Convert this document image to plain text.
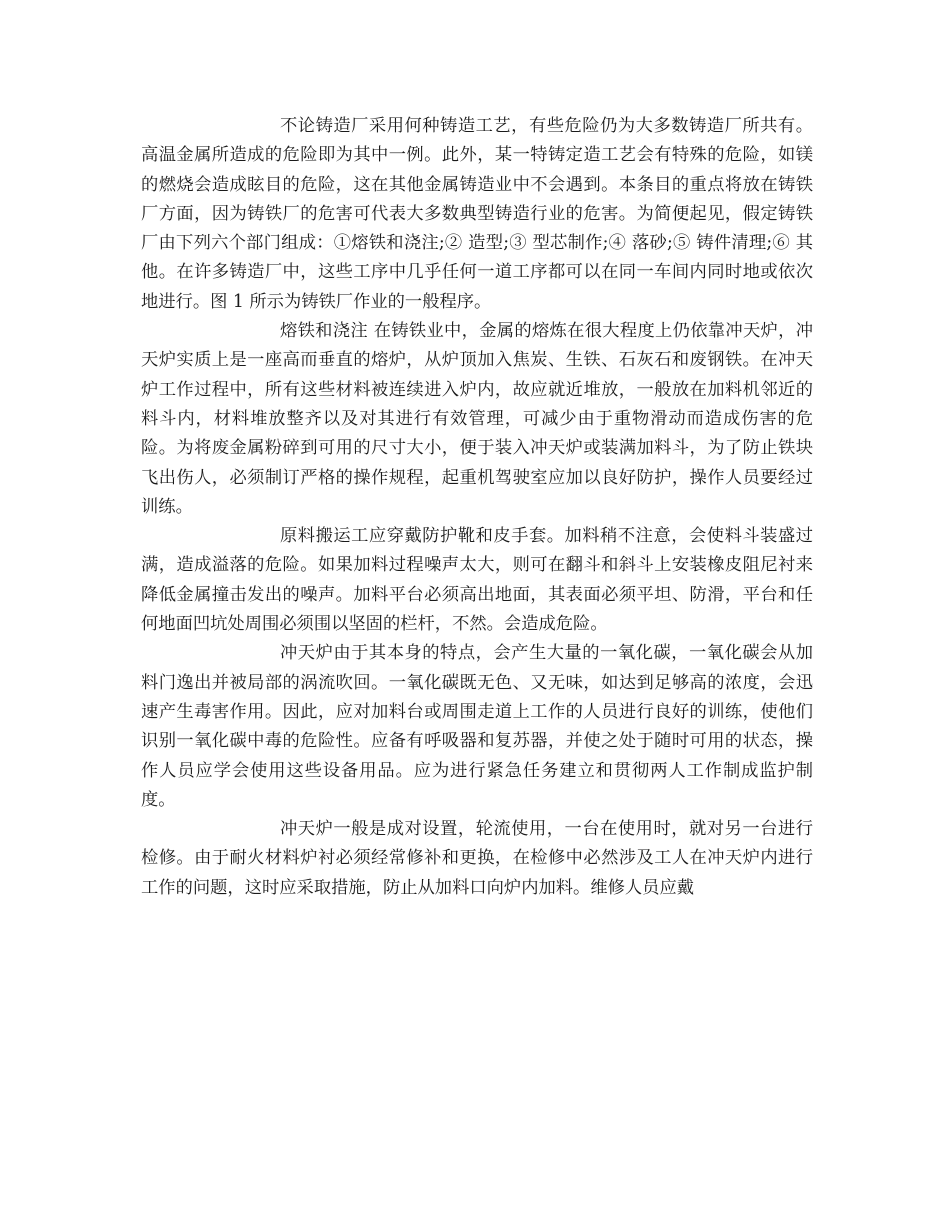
不论铸造厂采用何种铸造工艺，有些危险仍为大多数铸造厂所共有。高温金属所造成的危险即为其中一例。此外，某一特铸定造工艺会有特殊的危险，如镁的燃烧会造成眩目的危险，这在其他金属铸造业中不会遇到。本条目的重点将放在铸铁厂方面，因为铸铁厂的危害可代表大多数典型铸造行业的危害。为简便起见，假定铸铁厂由下列六个部门组成：①熔铁和浇注;② 造型;③ 型芯制作;④ 落砂;⑤ 铸件清理;⑥ 其他。在许多铸造厂中，这些工序中几乎任何一道工序都可以在同一车间内同时地或依次地进行。图 1 所示为铸铁厂作业的一般程序。

熔铁和浇注 在铸铁业中，金属的熔炼在很大程度上仍依靠冲天炉，冲天炉实质上是一座高而垂直的熔炉，从炉顶加入焦炭、生铁、石灰石和废钢铁。在冲天炉工作过程中，所有这些材料被连续进入炉内，故应就近堆放，一般放在加料机邻近的料斗内，材料堆放整齐以及对其进行有效管理，可减少由于重物滑动而造成伤害的危险。为将废金属粉碎到可用的尺寸大小，便于装入冲天炉或装满加料斗，为了防止铁块飞出伤人，必须制订严格的操作规程，起重机驾驶室应加以良好防护，操作人员要经过训练。

原料搬运工应穿戴防护靴和皮手套。加料稍不注意，会使料斗装盛过满，造成溢落的危险。如果加料过程噪声太大，则可在翻斗和斜斗上安装橡皮阻尼衬来降低金属撞击发出的噪声。加料平台必须高出地面，其表面必须平坦、防滑，平台和任何地面凹坑处周围必须围以坚固的栏杆，不然。会造成危险。

冲天炉由于其本身的特点，会产生大量的一氧化碳，一氧化碳会从加料门逸出并被局部的涡流吹回。一氧化碳既无色、又无味，如达到足够高的浓度，会迅速产生毒害作用。因此，应对加料台或周围走道上工作的人员进行良好的训练，使他们识别一氧化碳中毒的危险性。应备有呼吸器和复苏器，并使之处于随时可用的状态，操作人员应学会使用这些设备用品。应为进行紧急任务建立和贯彻两人工作制成监护制度。

冲天炉一般是成对设置，轮流使用，一台在使用时，就对另一台进行检修。由于耐火材料炉衬必须经常修补和更换，在检修中必然涉及工人在冲天炉内进行工作的问题，这时应采取措施，防止从加料口向炉内加料。维修人员应戴
